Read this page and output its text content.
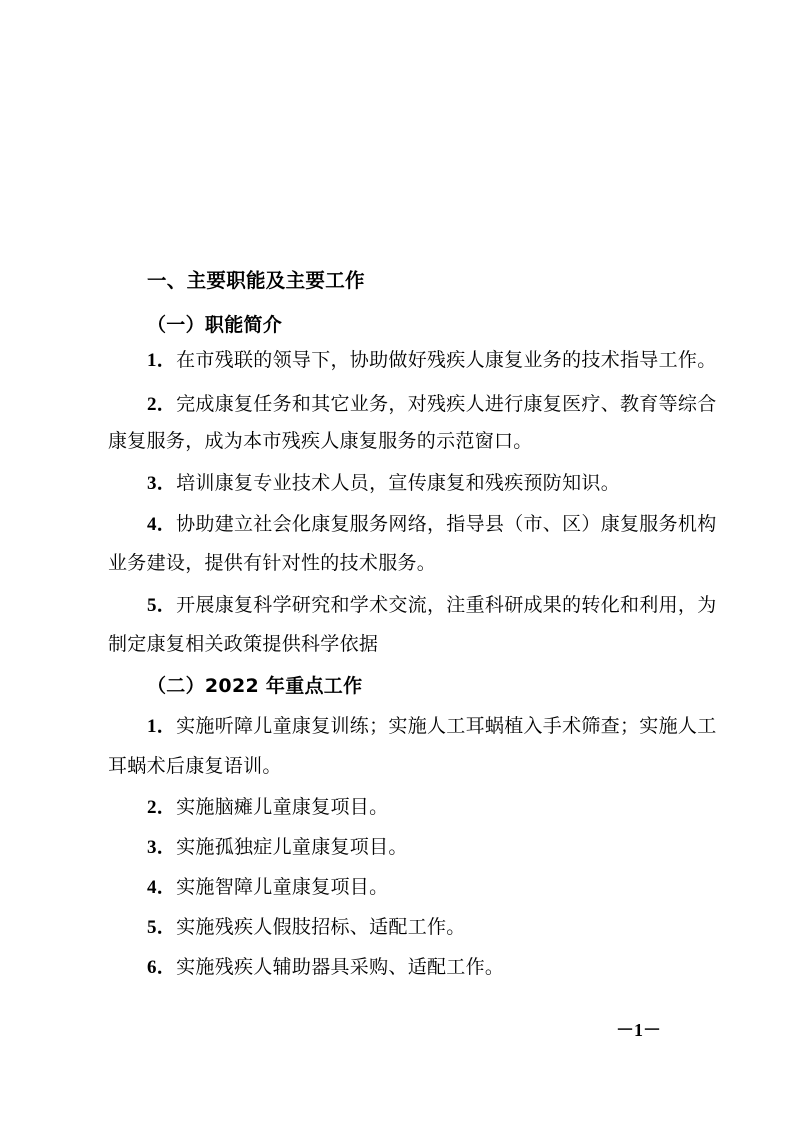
一、主要职能及主要工作
（一）职能简介
1．在市残联的领导下，协助做好残疾人康复业务的技术指导工作。
2．完成康复任务和其它业务，对残疾人进行康复医疗、教育等综合
康复服务，成为本市残疾人康复服务的示范窗口。
3．培训康复专业技术人员，宣传康复和残疾预防知识。
4．协助建立社会化康复服务网络，指导县（市、区）康复服务机构
业务建设，提供有针对性的技术服务。
5．开展康复科学研究和学术交流，注重科研成果的转化和利用，为
制定康复相关政策提供科学依据
（二）2022 年重点工作
1．实施听障儿童康复训练；实施人工耳蜗植入手术筛查；实施人工
耳蜗术后康复语训。
2．实施脑瘫儿童康复项目。
3．实施孤独症儿童康复项目。
4．实施智障儿童康复项目。
5．实施残疾人假肢招标、适配工作。
6．实施残疾人辅助器具采购、适配工作。
－1－
